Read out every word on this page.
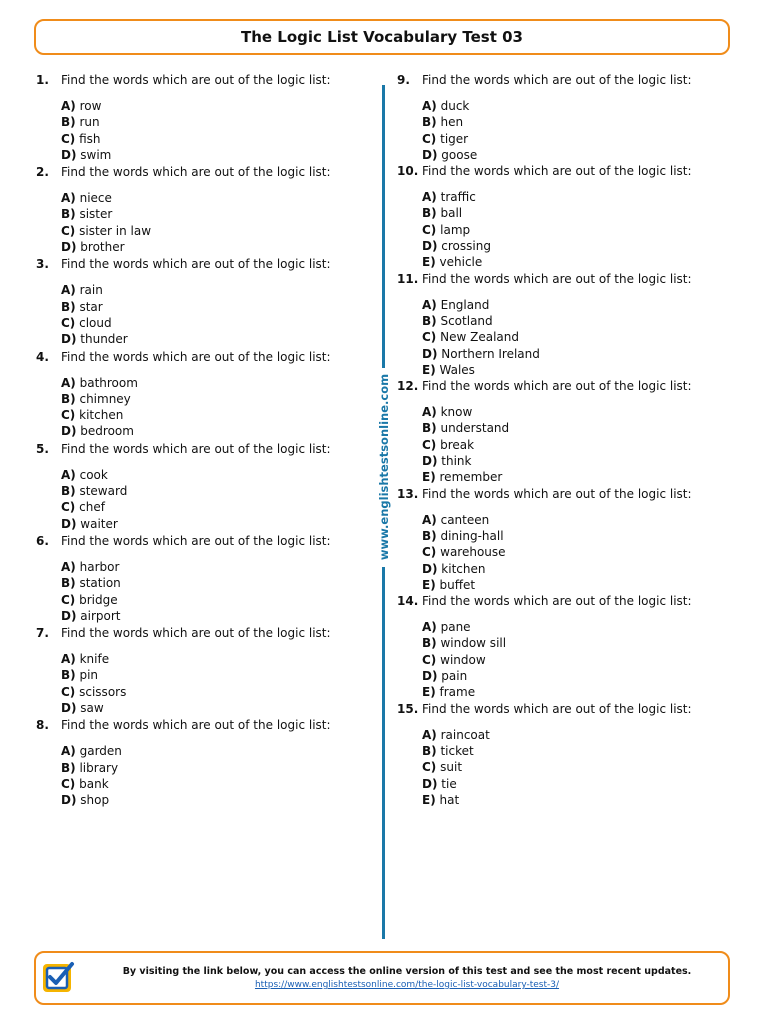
The Logic List Vocabulary Test 03
1.	Find the words which are out of the logic list:
A) row
B) run
C) fish
D) swim
2.	Find the words which are out of the logic list:
A) niece
B) sister
C) sister in law
D) brother
3.	Find the words which are out of the logic list:
A) rain
B) star
C) cloud
D) thunder
4.	Find the words which are out of the logic list:
A) bathroom
B) chimney
C) kitchen
D) bedroom
5.	Find the words which are out of the logic list:
A) cook
B) steward
C) chef
D) waiter
6.	Find the words which are out of the logic list:
A) harbor
B) station
C) bridge
D) airport
7.	Find the words which are out of the logic list:
A) knife
B) pin
C) scissors
D) saw
8.	Find the words which are out of the logic list:
A) garden
B) library
C) bank
D) shop
9.	Find the words which are out of the logic list:
A) duck
B) hen
C) tiger
D) goose
10. Find the words which are out of the logic list:
A) traffic
B) ball
C) lamp
D) crossing
E) vehicle
11. Find the words which are out of the logic list:
A) England
B) Scotland
C) New Zealand
D) Northern Ireland
E) Wales
12. Find the words which are out of the logic list:
A) know
B) understand
C) break
D) think
E) remember
13. Find the words which are out of the logic list:
A) canteen
B) dining-hall
C) warehouse
D) kitchen
E) buffet
14. Find the words which are out of the logic list:
A) pane
B) window sill
C) window
D) pain
E) frame
15. Find the words which are out of the logic list:
A) raincoat
B) ticket
C) suit
D) tie
E) hat
www.englishtestsonline.com
By visiting the link below, you can access the online version of this test and see the most recent updates.
https://www.englishtestsonline.com/the-logic-list-vocabulary-test-3/
